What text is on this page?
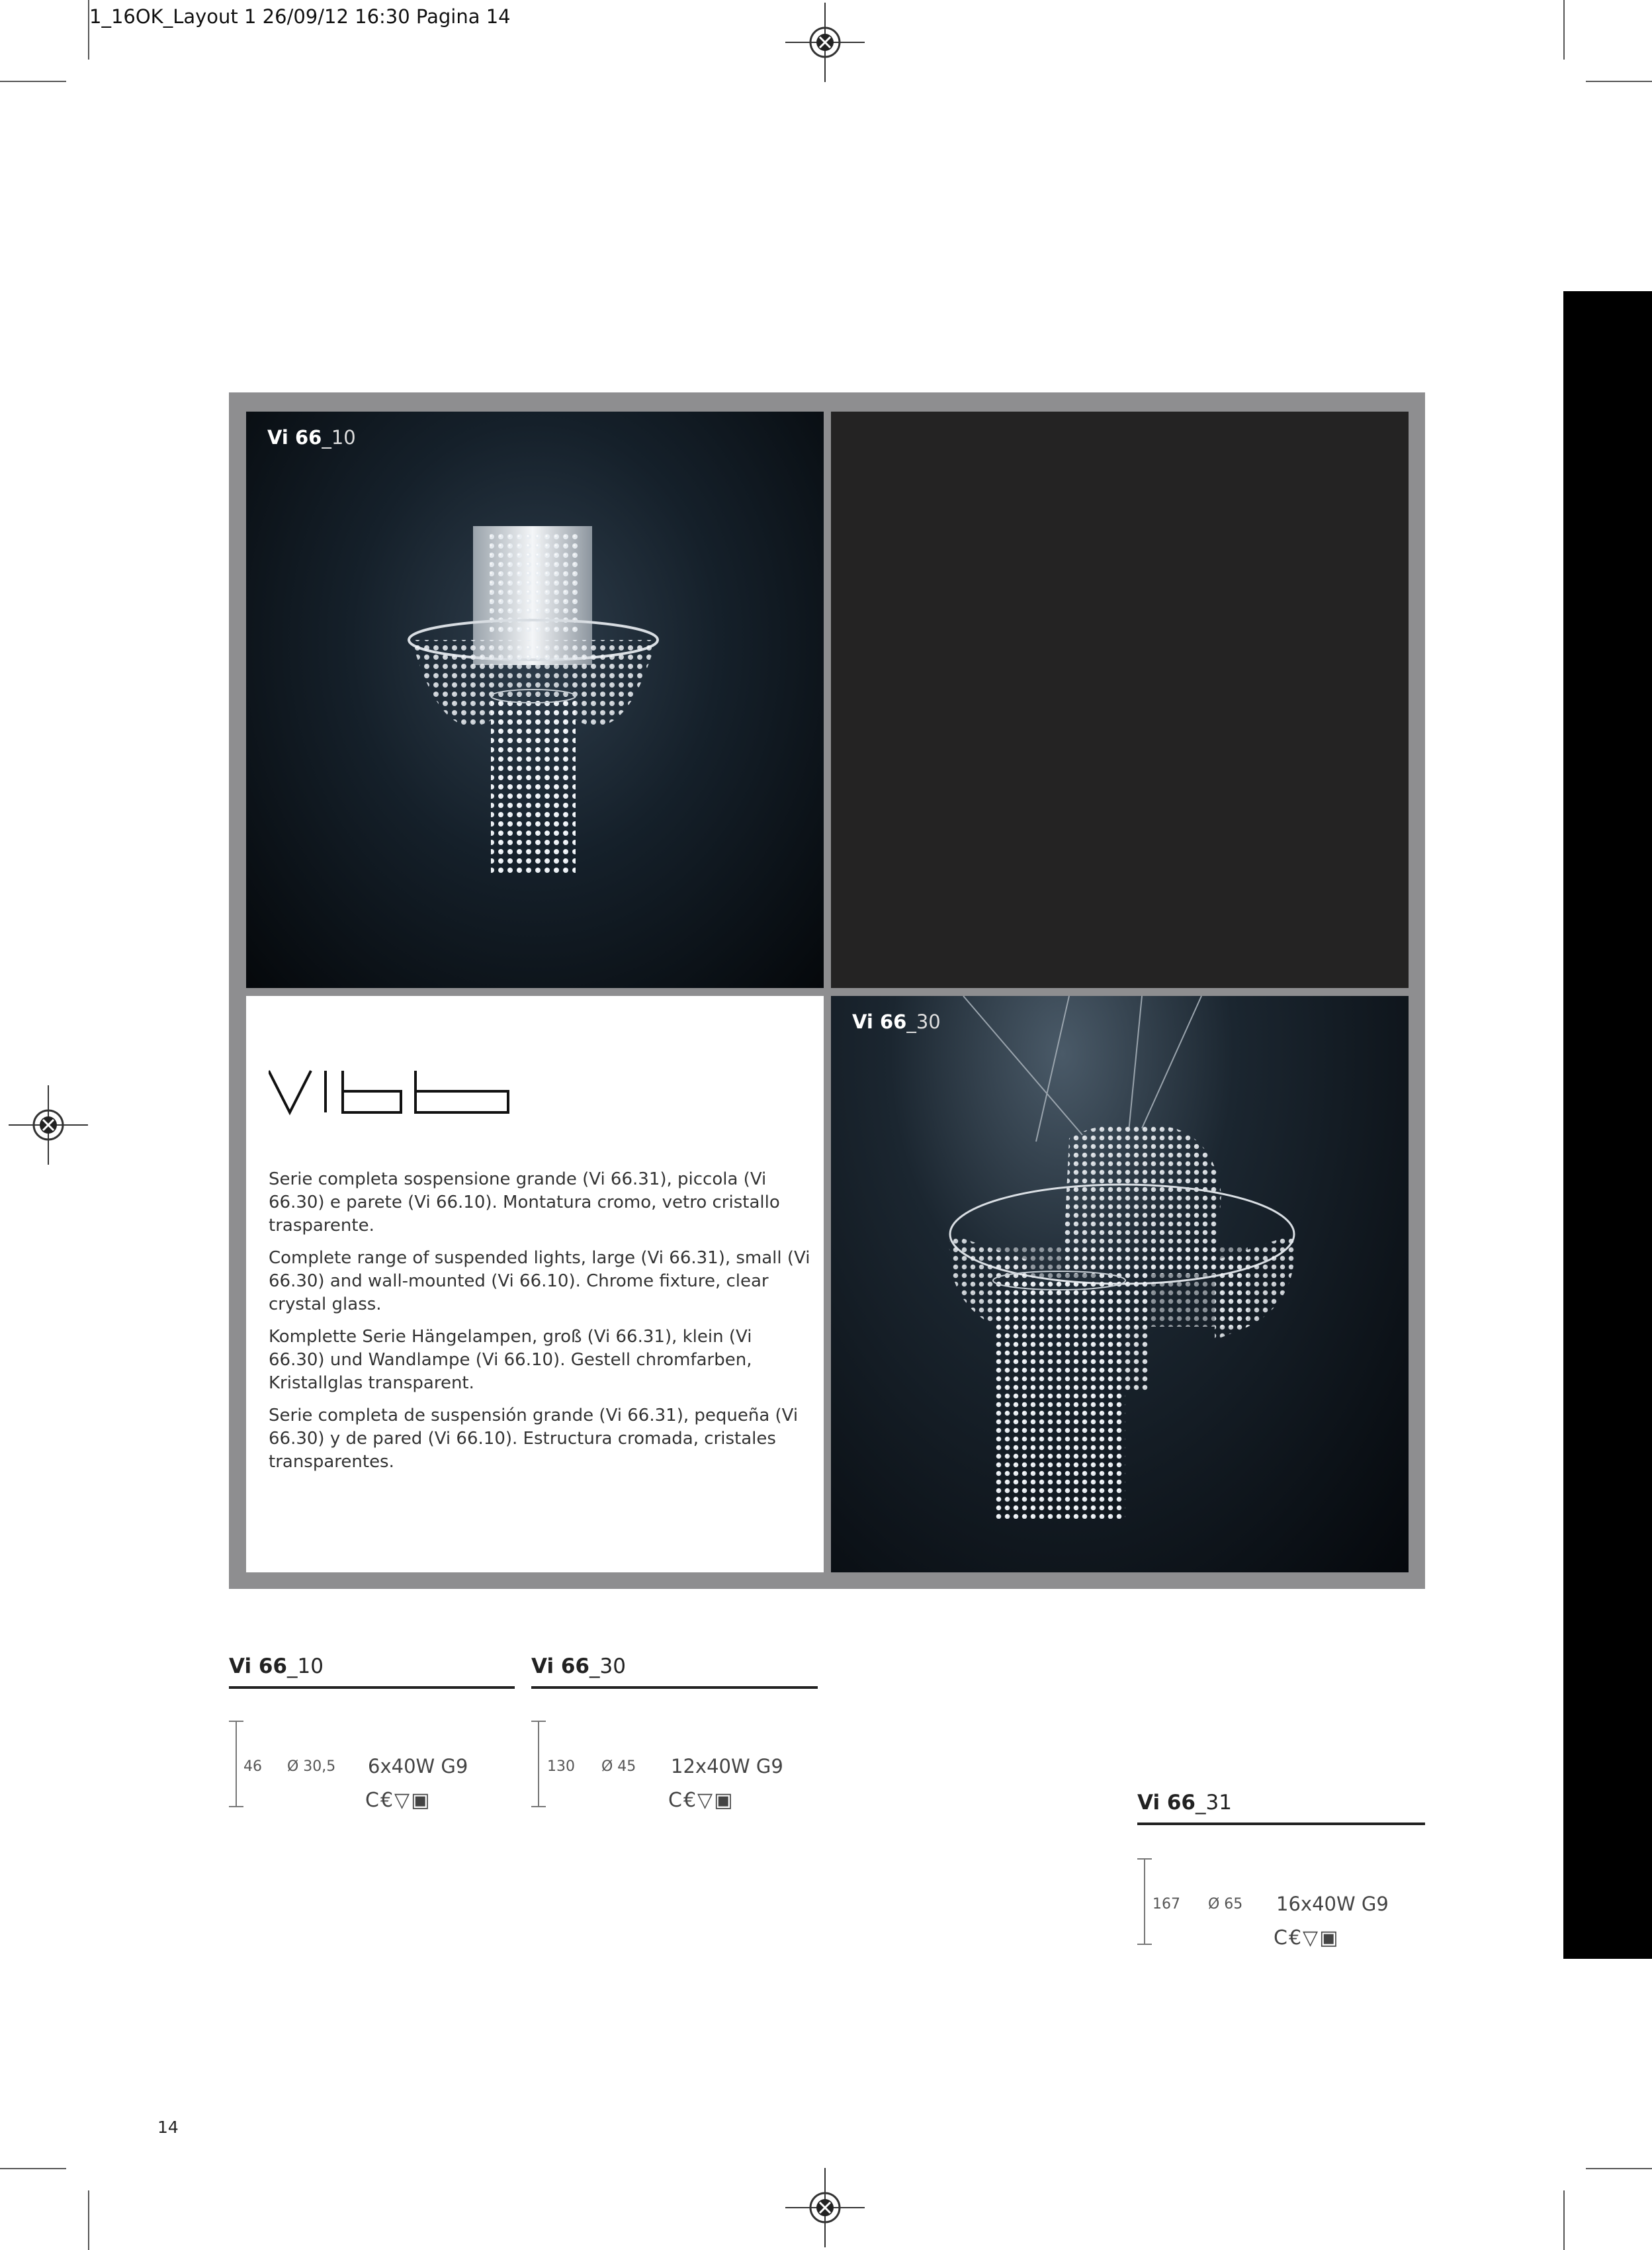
1_16OK_Layout 1 26/09/12 16:30 Pagina 14
Vi 66_10

Serie completa sospensione grande (Vi 66.31), piccola (Vi 66.30) e parete (Vi 66.10). Montatura cromo, vetro cristallo trasparente.

Complete range of suspended lights, large (Vi 66.31), small (Vi 66.30) and wall-mounted (Vi 66.10). Chrome fixture, clear crystal glass.

Komplette Serie Hängelampen, groß (Vi 66.31), klein (Vi 66.30) und Wandlampe (Vi 66.10). Gestell chromfarben, Kristallglas transparent.

Serie completa de suspensión grande (Vi 66.31), pequeña (Vi 66.30) y de pared (Vi 66.10). Estructura cromada, cristales transparentes.

Vi 66_30
Vi 66_10
46 Ø 30,5 6x40W G9
C€▽▣
Vi 66_30
130 Ø 45 12x40W G9
C€▽▣	Vi 66_31
167 Ø 65 16x40W G9
C€▽▣
14
